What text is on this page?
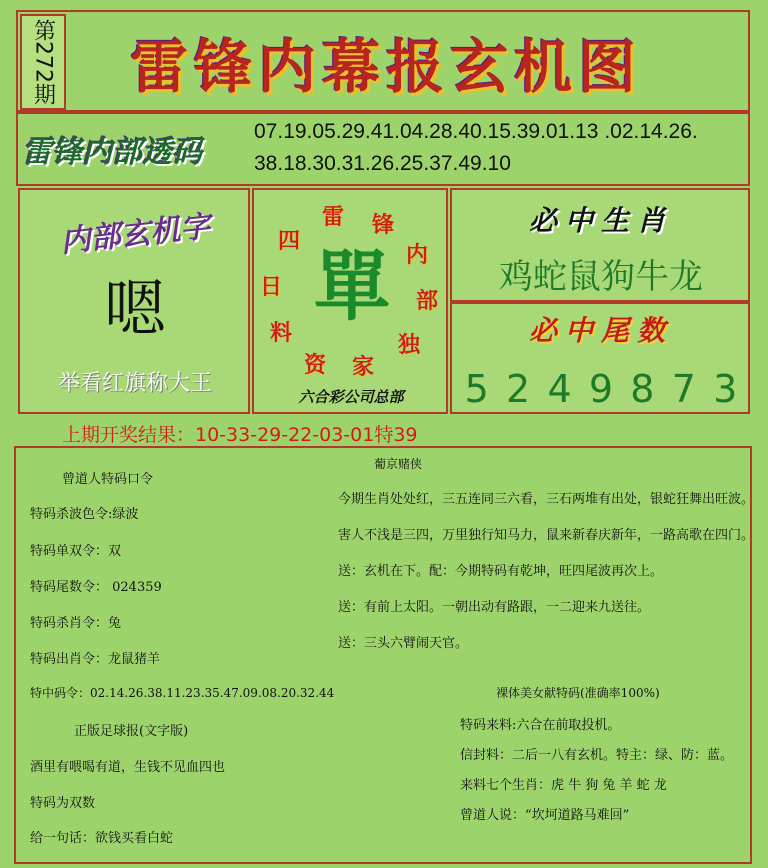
第272期	雷锋内幕报玄机图
雷锋内部透码
07.19.05.29.41.04.28.40.15.39.01.13 .02.14.26.
38.18.30.31.26.25.37.49.10
内部玄机字
嗯
举看红旗称大王
雷 锋
内
部
独
家
资
料
日
四
單
六合彩公司总部
必中生肖
鸡蛇鼠狗牛龙
必中尾数
5 2 4 9 8 7 3
上期开奖结果：10-33-29-22-03-01特39
曾道人特码口令
特码杀波色令:绿波
特码单双令：双
特码尾数令： 024359
特码杀肖令：兔
特码出肖令：龙鼠猪羊
特中码令：02.14.26.38.11.23.35.47.09.08.20.32.44
正版足球报(文字版)
酒里有喂喝有道，生钱不见血四也
特码为双数
给一句话：欲钱买看白蛇
葡京赌侠
今期生肖处处红，三五连同三六看，三石两堆有出处，银蛇狂舞出旺波。
害人不浅是三四，万里独行知马力，鼠来新春庆新年，一路高歌在四门。
送：玄机在下。配：今期特码有乾坤，旺四尾波再次上。
送：有前上太阳。一朝出动有路跟，一二迎来九送往。
送：三头六臂闹天官。
裸体美女献特码(准确率100%)
特码来料:六合在前取投机。
信封料：二后一八有玄机。特主：绿、防：蓝。
来料七个生肖：虎 牛 狗 兔 羊 蛇 龙
曾道人说：“坎坷道路马难回”
